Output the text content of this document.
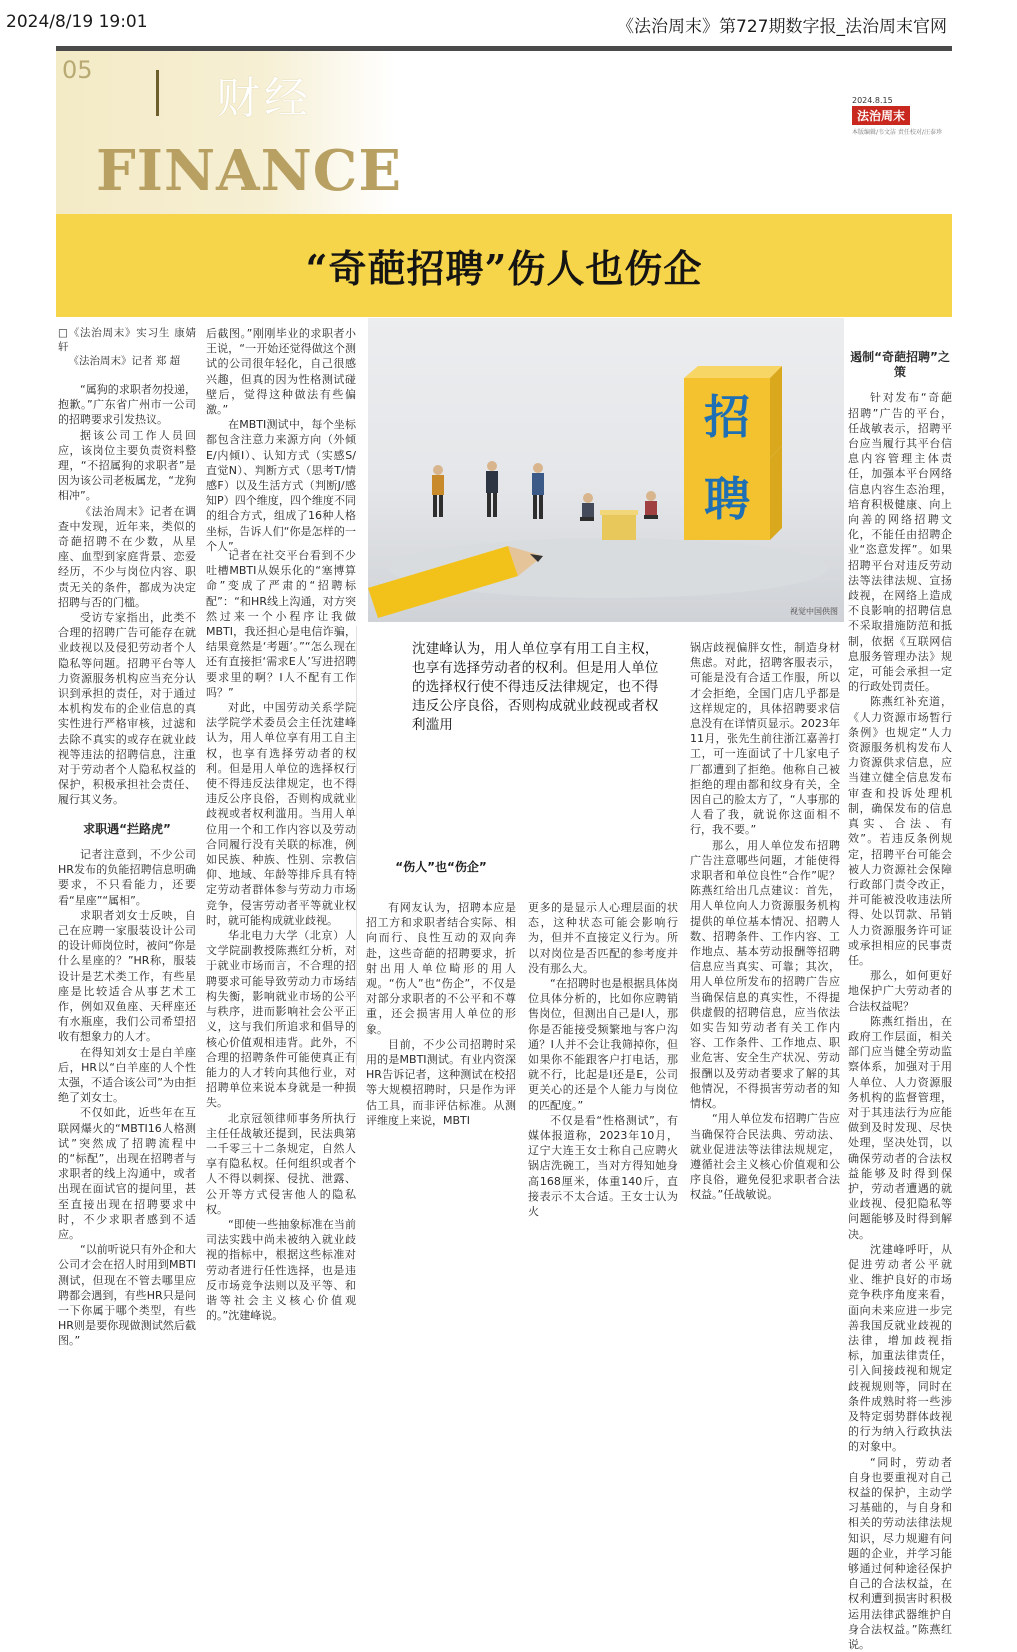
2024/8/19 19:01	《法治周末》第727期数字报_法治周末官网
05
财经
FINANCE
2024.8.15
法治周末
本版编辑/韦文洁 责任校对/汪泰珍
“奇葩招聘”伤人也伤企
□《法治周末》实习生 康婧轩
《法治周末》记者 郑 超

“属狗的求职者勿投递，抱歉。”广东省广州市一公司的招聘要求引发热议。

据该公司工作人员回应，该岗位主要负责资料整理，“不招属狗的求职者”是因为该公司老板属龙，“龙狗相冲”。

《法治周末》记者在调查中发现，近年来，类似的奇葩招聘不在少数，从星座、血型到家庭背景、恋爱经历，不少与岗位内容、职责无关的条件，都成为决定招聘与否的门槛。

受访专家指出，此类不合理的招聘广告可能存在就业歧视以及侵犯劳动者个人隐私等问题。招聘平台等人力资源服务机构应当充分认识到承担的责任，对于通过本机构发布的企业信息的真实性进行严格审核，过滤和去除不真实的或存在就业歧视等违法的招聘信息，注重对于劳动者个人隐私权益的保护，积极承担社会责任、履行其义务。

求职遇“拦路虎”

记者注意到，不少公司HR发布的负能招聘信息明确要求，不只看能力，还要看“星座”“属相”。

求职者刘女士反映，自己在应聘一家服装设计公司的设计师岗位时，被问“你是什么星座的？”HR称，服装设计是艺术类工作，有些星座是比较适合从事艺术工作，例如双鱼座、天秤座还有水瓶座，我们公司希望招收有想象力的人才。

在得知刘女士是白羊座后，HR以“白羊座的人个性太强，不适合该公司”为由拒绝了刘女士。

不仅如此，近些年在互联网爆火的“MBTI16人格测试”突然成了招聘流程中的“标配”，出现在招聘者与求职者的线上沟通中，或者出现在面试官的提问里，甚至直接出现在招聘要求中时，不少求职者感到不适应。

“以前听说只有外企和大公司才会在招人时用到MBTI测试，但现在不管去哪里应聘都会遇到，有些HR只是问一下你属于哪个类型，有些HR则是要你现做测试然后截图。”

后截图。”刚刚毕业的求职者小王说，“一开始还觉得做这个测试的公司很年轻化，自己很感兴趣，但真的因为性格测试碰壁后，觉得这种做法有些偏激。”

在MBTI测试中，每个坐标都包含注意力来源方向（外倾E/内倾I）、认知方式（实感S/直觉N）、判断方式（思考T/情感F）以及生活方式（判断J/感知P）四个维度，四个维度不同的组合方式，组成了16种人格坐标，告诉人们“你是怎样的一个人”。

记者在社交平台看到不少吐槽MBTI从娱乐化的“塞博算命”变成了严肃的“招聘标配”：“和HR线上沟通，对方突然过来一个小程序让我做MBTI，我还担心是电信诈骗，结果竟然是‘考题’。”“怎么现在还有直接拒‘需求E人’写进招聘要求里的啊？I人不配有工作吗？”

对此，中国劳动关系学院法学院学术委员会主任沈建峰认为，用人单位享有用工自主权，也享有选择劳动者的权利。但是用人单位的选择权行使不得违反法律规定，也不得违反公序良俗，否则构成就业歧视或者权利滥用。当用人单位用一个和工作内容以及劳动合同履行没有关联的标准，例如民族、种族、性别、宗教信仰、地域、年龄等排斥具有特定劳动者群体参与劳动力市场竞争，侵害劳动者平等就业权时，就可能构成就业歧视。

华北电力大学（北京）人文学院副教授陈燕红分析，对于就业市场而言，不合理的招聘要求可能导致劳动力市场结构失衡，影响就业市场的公平与秩序，进而影响社会公平正义，这与我们所追求和倡导的核心价值观相违背。此外，不合理的招聘条件可能使真正有能力的人才转向其他行业，对招聘单位来说本身就是一种损失。

北京冠领律师事务所执行主任任战敏还提到，民法典第一千零三十二条规定，自然人享有隐私权。任何组织或者个人不得以刺探、侵扰、泄露、公开等方式侵害他人的隐私权。

“即使一些抽象标准在当前司法实践中尚未被纳入就业歧视的指标中，根据这些标准对劳动者进行任性选择，也是违反市场竞争法则以及平等、和谐等社会主义核心价值观的。”沈建峰说。

招
聘
视觉中国供图
沈建峰认为，用人单位享有用工自主权，也享有选择劳动者的权利。但是用人单位的选择权行使不得违反法律规定，也不得违反公序良俗，否则构成就业歧视或者权利滥用
“伤人”也“伤企”

有网友认为，招聘本应是招工方和求职者结合实际、相向而行、良性互动的双向奔赴，这些奇葩的招聘要求，折射出用人单位畸形的用人观。“伤人”也“伤企”，不仅是对部分求职者的不公平和不尊重，还会损害用人单位的形象。

目前，不少公司招聘时采用的是MBTI测试。有业内资深HR告诉记者，这种测试在校招等大规模招聘时，只是作为评估工具，而非评估标准。从测评维度上来说，MBTI

更多的是显示人心理层面的状态，这种状态可能会影响行为，但并不直接定义行为。所以对岗位是否匹配的参考度并没有那么大。

“在招聘时也是根据具体岗位具体分析的，比如你应聘销售岗位，但测出自己是I人，那你是否能接受频繁地与客户沟通？I人并不会让我筛掉你，但如果你不能跟客户打电话，那就不行，比起是I还是E，公司更关心的还是个人能力与岗位的匹配度。”

不仅是看“性格测试”，有媒体报道称，2023年10月，辽宁大连王女士称自己应聘火锅店洗碗工，当对方得知她身高168厘米，体重140斤，直接表示不太合适。王女士认为火

锅店歧视偏胖女性，制造身材焦虑。对此，招聘客服表示，可能是没有合适工作服，所以才会拒绝，全国门店几乎都是这样规定的，具体招聘要求信息没有在详情页显示。2023年11月，张先生前往浙江嘉善打工，可一连面试了十几家电子厂都遭到了拒绝。他称自己被拒绝的理由都和纹身有关，全因自己的脸太方了，“人事那的人看了我，就说你这面相不行，我不要。”

那么，用人单位发布招聘广告注意哪些问题，才能使得求职者和单位良性“合作”呢？陈燕红给出几点建议：首先，用人单位向人力资源服务机构提供的单位基本情况、招聘人数、招聘条件、工作内容、工作地点、基本劳动报酬等招聘信息应当真实、可靠；其次，用人单位所发布的招聘广告应当确保信息的真实性，不得提供虚假的招聘信息，应当依法如实告知劳动者有关工作内容、工作条件、工作地点、职业危害、安全生产状况、劳动报酬以及劳动者要求了解的其他情况，不得损害劳动者的知情权。

“用人单位发布招聘广告应当确保符合民法典、劳动法、就业促进法等法律法规规定，遵循社会主义核心价值观和公序良俗，避免侵犯求职者合法权益。”任战敏说。

遏制“奇葩招聘”之策

针对发布“奇葩招聘”广告的平台，任战敏表示，招聘平台应当履行其平台信息内容管理主体责任，加强本平台网络信息内容生态治理，培育积极健康、向上向善的网络招聘文化，不能任由招聘企业“恣意发挥”。如果招聘平台对违反劳动法等法律法规、宣扬歧视，在网络上造成不良影响的招聘信息不采取措施防范和抵制，依据《互联网信息服务管理办法》规定，可能会承担一定的行政处罚责任。

陈燕红补充道，《人力资源市场暂行条例》也规定“人力资源服务机构发布人力资源供求信息，应当建立健全信息发布审查和投诉处理机制，确保发布的信息真实、合法、有效”。若违反条例规定，招聘平台可能会被人力资源社会保障行政部门责令改正，并可能被没收违法所得、处以罚款、吊销人力资源服务许可证或承担相应的民事责任。

那么，如何更好地保护广大劳动者的合法权益呢？

陈燕红指出，在政府工作层面，相关部门应当健全劳动监察体系，加强对于用人单位、人力资源服务机构的监督管理，对于其违法行为应能做到及时发现、尽快处理，坚决处罚，以确保劳动者的合法权益能够及时得到保护，劳动者遭遇的就业歧视、侵犯隐私等问题能够及时得到解决。

沈建峰呼吁，从促进劳动者公平就业、维护良好的市场竞争秩序角度来看，面向未来应进一步完善我国反就业歧视的法律，增加歧视指标，加重法律责任，引入间接歧视和规定歧视规则等，同时在条件成熟时将一些涉及特定弱势群体歧视的行为纳入行政执法的对象中。

“同时，劳动者自身也要重视对自己权益的保护，主动学习基础的，与自身和相关的劳动法律法规知识，尽力规避有问题的企业，并学习能够通过何种途径保护自己的合法权益，在权利遭到损害时积极运用法律武器维护自身合法权益。”陈燕红说。
